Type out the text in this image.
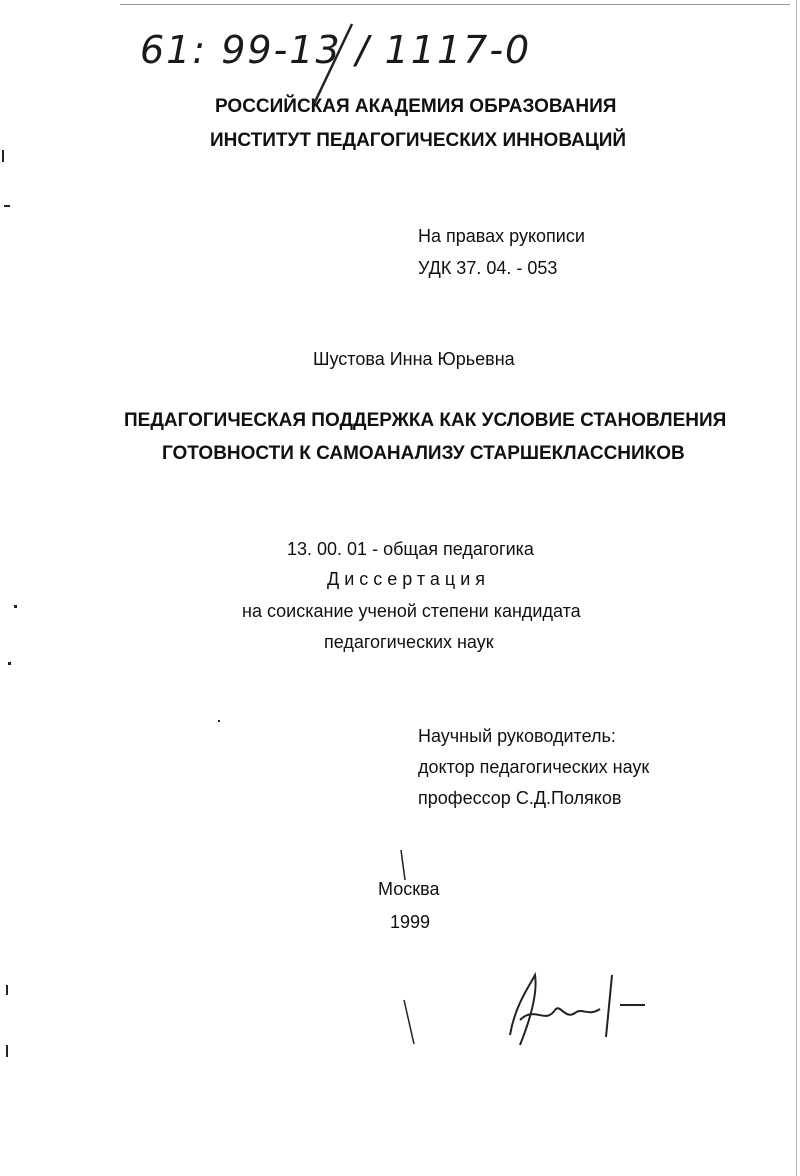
61: 99-13 / 1117-0
РОССИЙСКАЯ АКАДЕМИЯ ОБРАЗОВАНИЯ
ИНСТИТУТ ПЕДАГОГИЧЕСКИХ ИННОВАЦИЙ
На правах рукописи
УДК 37. 04. - 053
Шустова Инна Юрьевна
ПЕДАГОГИЧЕСКАЯ ПОДДЕРЖКА КАК УСЛОВИЕ СТАНОВЛЕНИЯ
ГОТОВНОСТИ К САМОАНАЛИЗУ СТАРШЕКЛАССНИКОВ
13. 00. 01 - общая педагогика
Диссертация
на соискание ученой степени кандидата
педагогических наук
Научный руководитель:
доктор педагогических наук
профессор С.Д.Поляков
Москва
1999
